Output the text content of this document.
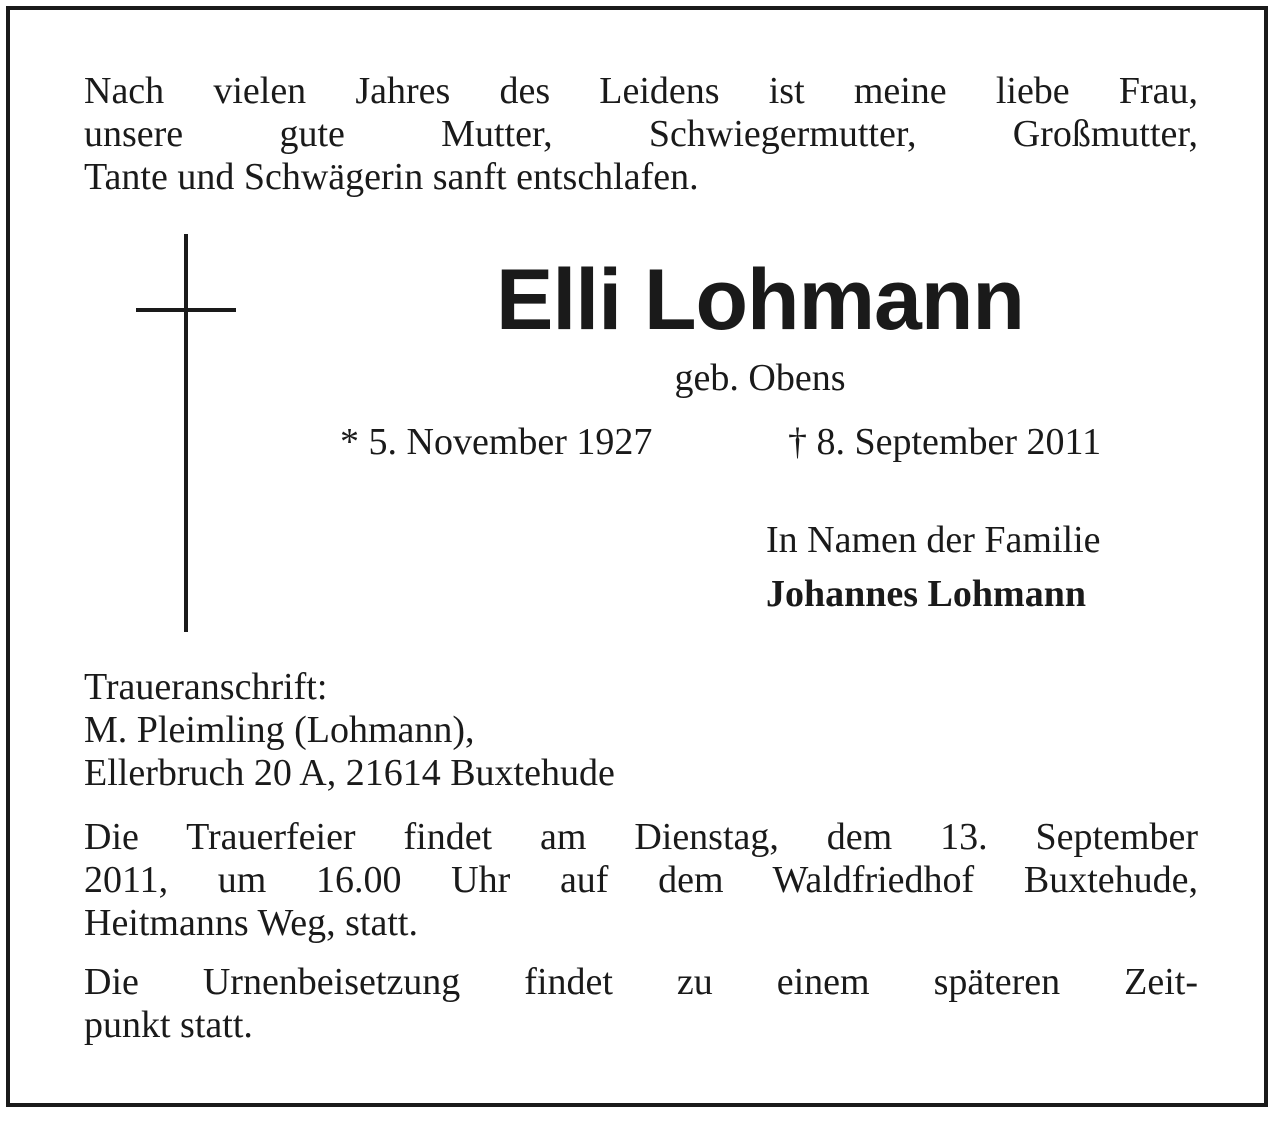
Nach vielen Jahres des Leidens ist meine liebe Frau,
unsere gute Mutter, Schwiegermutter, Großmutter,
Tante und Schwägerin sanft entschlafen.
Elli Lohmann
geb. Obens
* 5. November 1927	† 8. September 2011
In Namen der Familie
Johannes Lohmann
Traueranschrift:
M. Pleimling (Lohmann),
Ellerbruch 20 A, 21614 Buxtehude
Die Trauerfeier findet am Dienstag, dem 13. September
2011, um 16.00 Uhr auf dem Waldfriedhof Buxtehude,
Heitmanns Weg, statt.
Die Urnenbeisetzung findet zu einem späteren Zeit-
punkt statt.
